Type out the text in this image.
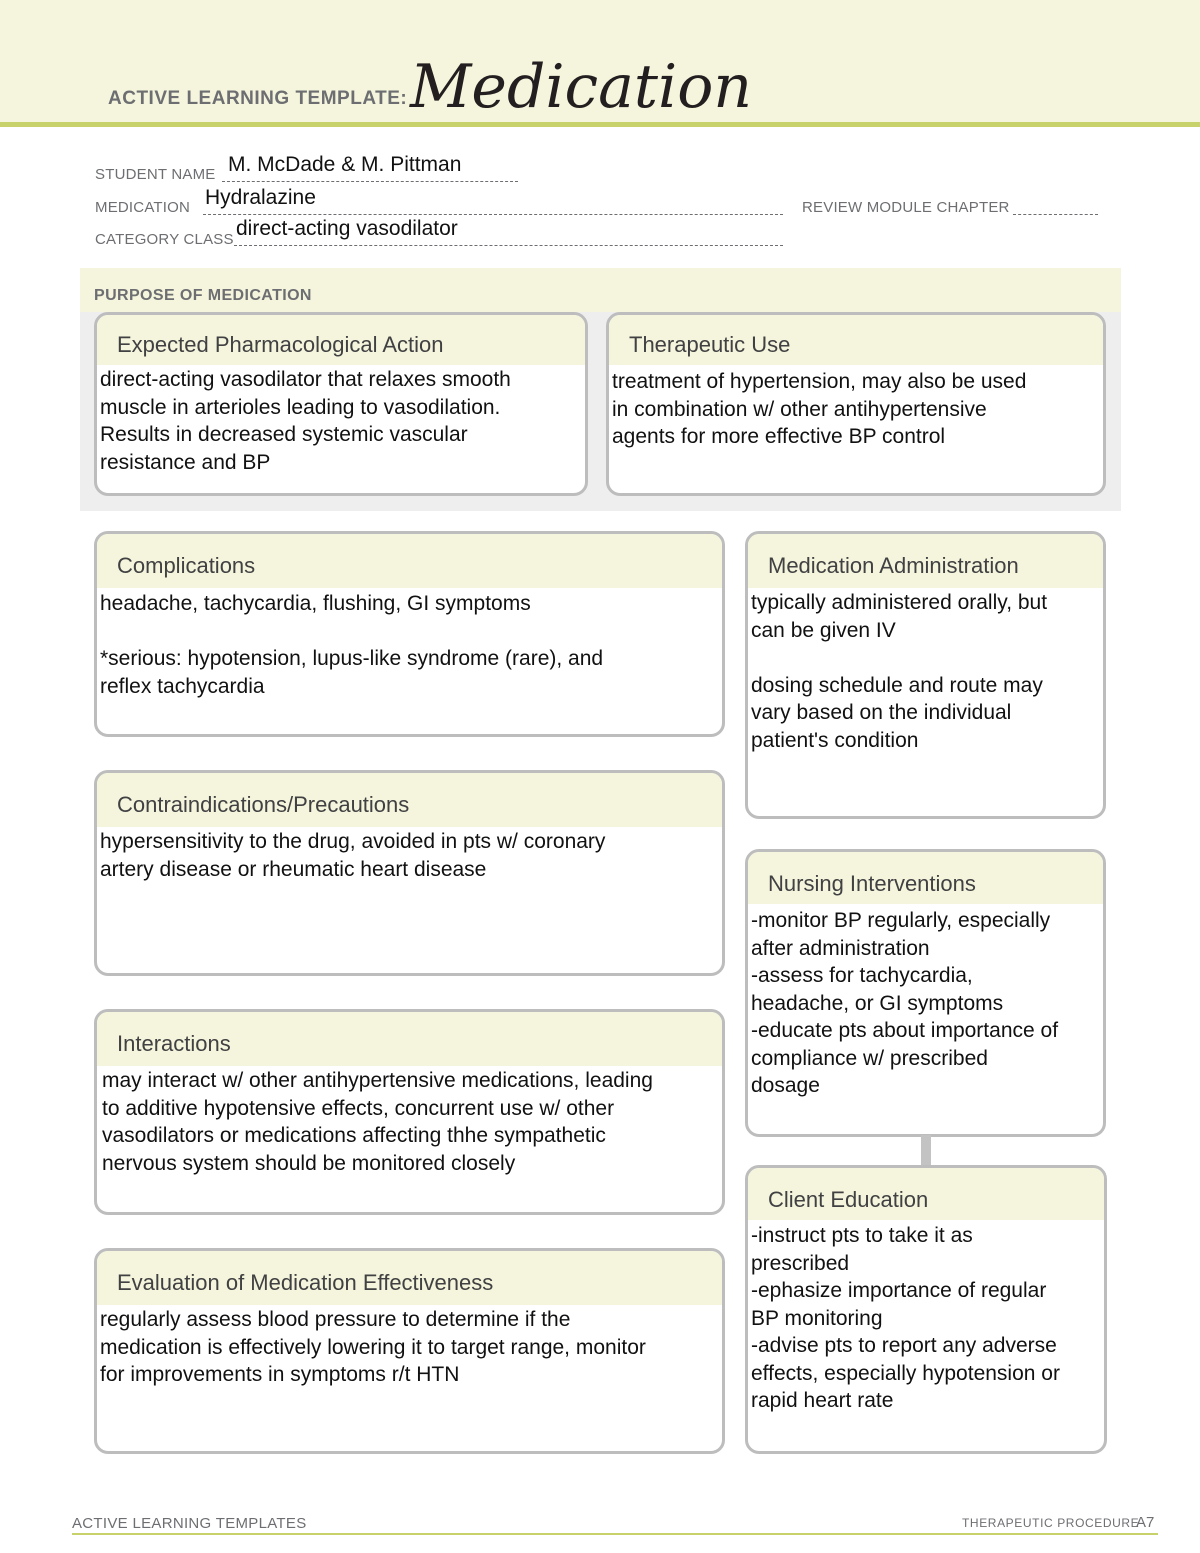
ACTIVE LEARNING TEMPLATE: Medication
STUDENT NAME M. McDade & M. Pittman
MEDICATION Hydralazine	REVIEW MODULE CHAPTER
CATEGORY CLASS direct-acting vasodilator
PURPOSE OF MEDICATION
Expected Pharmacological Action
direct-acting vasodilator that relaxes smooth
muscle in arterioles leading to vasodilation.
Results in decreased systemic vascular
resistance and BP
Therapeutic Use
treatment of hypertension, may also be used
in combination w/ other antihypertensive
agents for more effective BP control
Complications
headache, tachycardia, flushing, GI symptoms

*serious: hypotension, lupus-like syndrome (rare), and
reflex tachycardia
Contraindications/Precautions
hypersensitivity to the drug, avoided in pts w/ coronary
artery disease or rheumatic heart disease
Interactions
may interact w/ other antihypertensive medications, leading
to additive hypotensive effects, concurrent use w/ other
vasodilators or medications affecting thhe sympathetic
nervous system should be monitored closely
Evaluation of Medication Effectiveness
regularly assess blood pressure to determine if the
medication is effectively lowering it to target range, monitor
for improvements in symptoms r/t HTN
Medication Administration
typically administered orally, but
can be given IV

dosing schedule and route may
vary based on the individual
patient's condition
Nursing Interventions
-monitor BP regularly, especially
after administration
-assess for tachycardia,
headache, or GI symptoms
-educate pts about importance of
compliance w/ prescribed
dosage
Client Education
-instruct pts to take it as
prescribed
-ephasize importance of regular
BP monitoring
-advise pts to report any adverse
effects, especially hypotension or
rapid heart rate
ACTIVE LEARNING TEMPLATES	THERAPEUTIC PROCEDURE
A7
